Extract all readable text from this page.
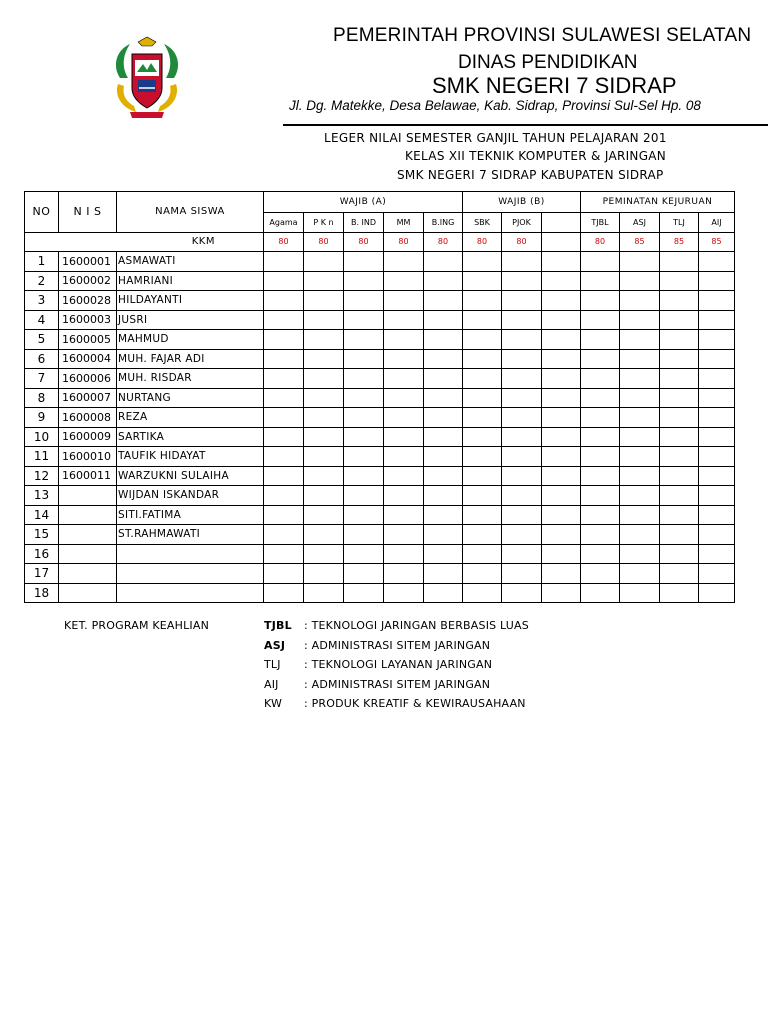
PEMERINTAH PROVINSI SULAWESI SELATAN
DINAS PENDIDIKAN
SMK NEGERI 7 SIDRAP
Jl. Dg. Matekke, Desa Belawae, Kab. Sidrap, Provinsi Sul-Sel Hp. 08
LEGER NILAI SEMESTER GANJIL TAHUN PELAJARAN 201
KELAS XII TEKNIK KOMPUTER & JARINGAN
SMK NEGERI 7 SIDRAP KABUPATEN SIDRAP
NO	N I S	NAMA SISWA	WAJIB (A)					WAJIB (B)			PEMINATAN KEJURUAN			
			Agama	P K n	B. IND	MM	B.ING	SBK	PJOK		TJBL	ASJ	TLJ	AIJ
KKM			80	80	80	80	80	80	80		80	85	85	85
1	1600001	ASMAWATI												
2	1600002	HAMRIANI												
3	1600028	HILDAYANTI												
4	1600003	JUSRI												
5	1600005	MAHMUD												
6	1600004	MUH. FAJAR ADI												
7	1600006	MUH. RISDAR												
8	1600007	NURTANG												
9	1600008	REZA												
10	1600009	SARTIKA												
11	1600010	TAUFIK HIDAYAT												
12	1600011	WARZUKNI SULAIHA												
13		WIJDAN ISKANDAR												
14		SITI.FATIMA												
15		ST.RAHMAWATI												
16														
17														
18														
KET. PROGRAM KEAHLIAN	TJBL : TEKNOLOGI JARINGAN BERBASIS LUAS
ASJ : ADMINISTRASI SITEM JARINGAN
TLJ : TEKNOLOGI LAYANAN JARINGAN
AIJ : ADMINISTRASI SITEM JARINGAN
KW : PRODUK KREATIF & KEWIRAUSAHAAN
